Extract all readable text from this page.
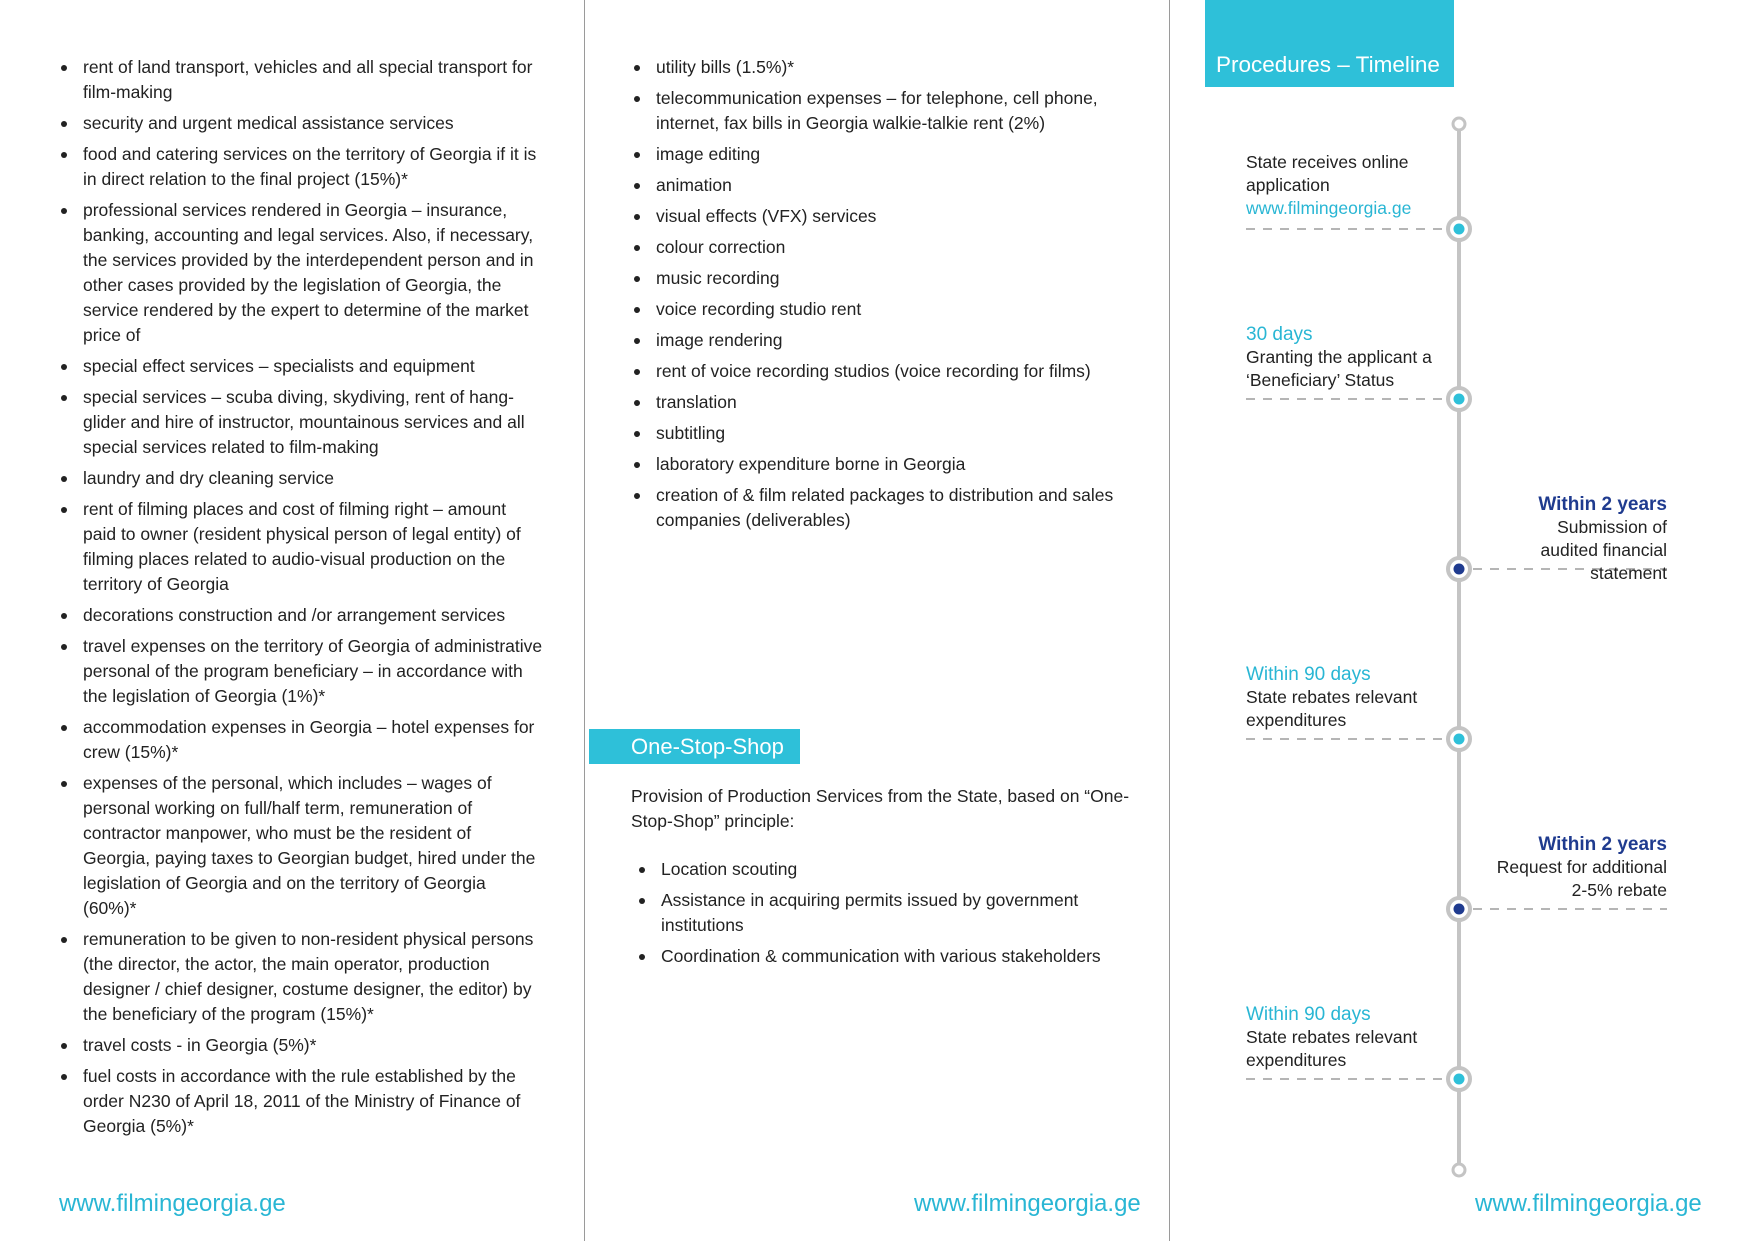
rent of land transport, vehicles and all special transport for film-making
security and urgent medical assistance services
food and catering services on the territory of Georgia if it is in direct relation to the final project (15%)*
professional services rendered in Georgia – insurance, banking, accounting and legal services. Also, if necessary, the services provided by the interdependent person and in other cases provided by the legislation of Georgia, the service rendered by the expert to determine of the market price of
special effect services – specialists and equipment
special services – scuba diving, skydiving, rent of hang-glider and hire of instructor, mountainous services and all special services related to film-making
laundry and dry cleaning service
rent of filming places and cost of filming right – amount paid to owner (resident physical person of legal entity) of filming places related to audio-visual production on the territory of Georgia
decorations construction and /or arrangement services
travel expenses on the territory of Georgia of administrative personal of the program beneficiary – in accordance with the legislation of Georgia (1%)*
accommodation expenses in Georgia – hotel expenses for crew (15%)*
expenses of the personal, which includes – wages of personal working on full/half term, remuneration of contractor manpower, who must be the resident of Georgia, paying taxes to Georgian budget, hired under the legislation of Georgia and on the territory of Georgia (60%)*
remuneration to be given to non-resident physical persons (the director, the actor, the main operator, production designer / chief designer, costume designer, the editor) by the beneficiary of the program (15%)*
travel costs - in Georgia (5%)*
fuel costs in accordance with the rule established by the order N230 of April 18, 2011 of the Ministry of Finance of Georgia (5%)*
www.filmingeorgia.ge
utility bills (1.5%)*
telecommunication expenses – for telephone, cell phone, internet, fax bills in Georgia walkie-talkie rent (2%)
image editing
animation
visual effects (VFX) services
colour correction
music recording
voice recording studio rent
image rendering
rent of voice recording studios (voice recording for films)
translation
subtitling
laboratory expenditure borne in Georgia
creation of & film related packages to distribution and sales companies (deliverables)
One-Stop-Shop
Provision of Production Services from the State, based on “One-Stop-Shop” principle:
Location scouting
Assistance in acquiring permits issued by government institutions
Coordination & communication with various stakeholders
www.filmingeorgia.ge
Procedures – Timeline
State receives online application
www.filmingeorgia.ge
30 days
Granting the applicant a ‘Beneficiary’ Status
Within 2 years
Submission of audited financial statement
Within 90 days
State rebates relevant expenditures
Within 2 years
Request for additional 2-5% rebate
Within 90 days
State rebates relevant expenditures
www.filmingeorgia.ge
